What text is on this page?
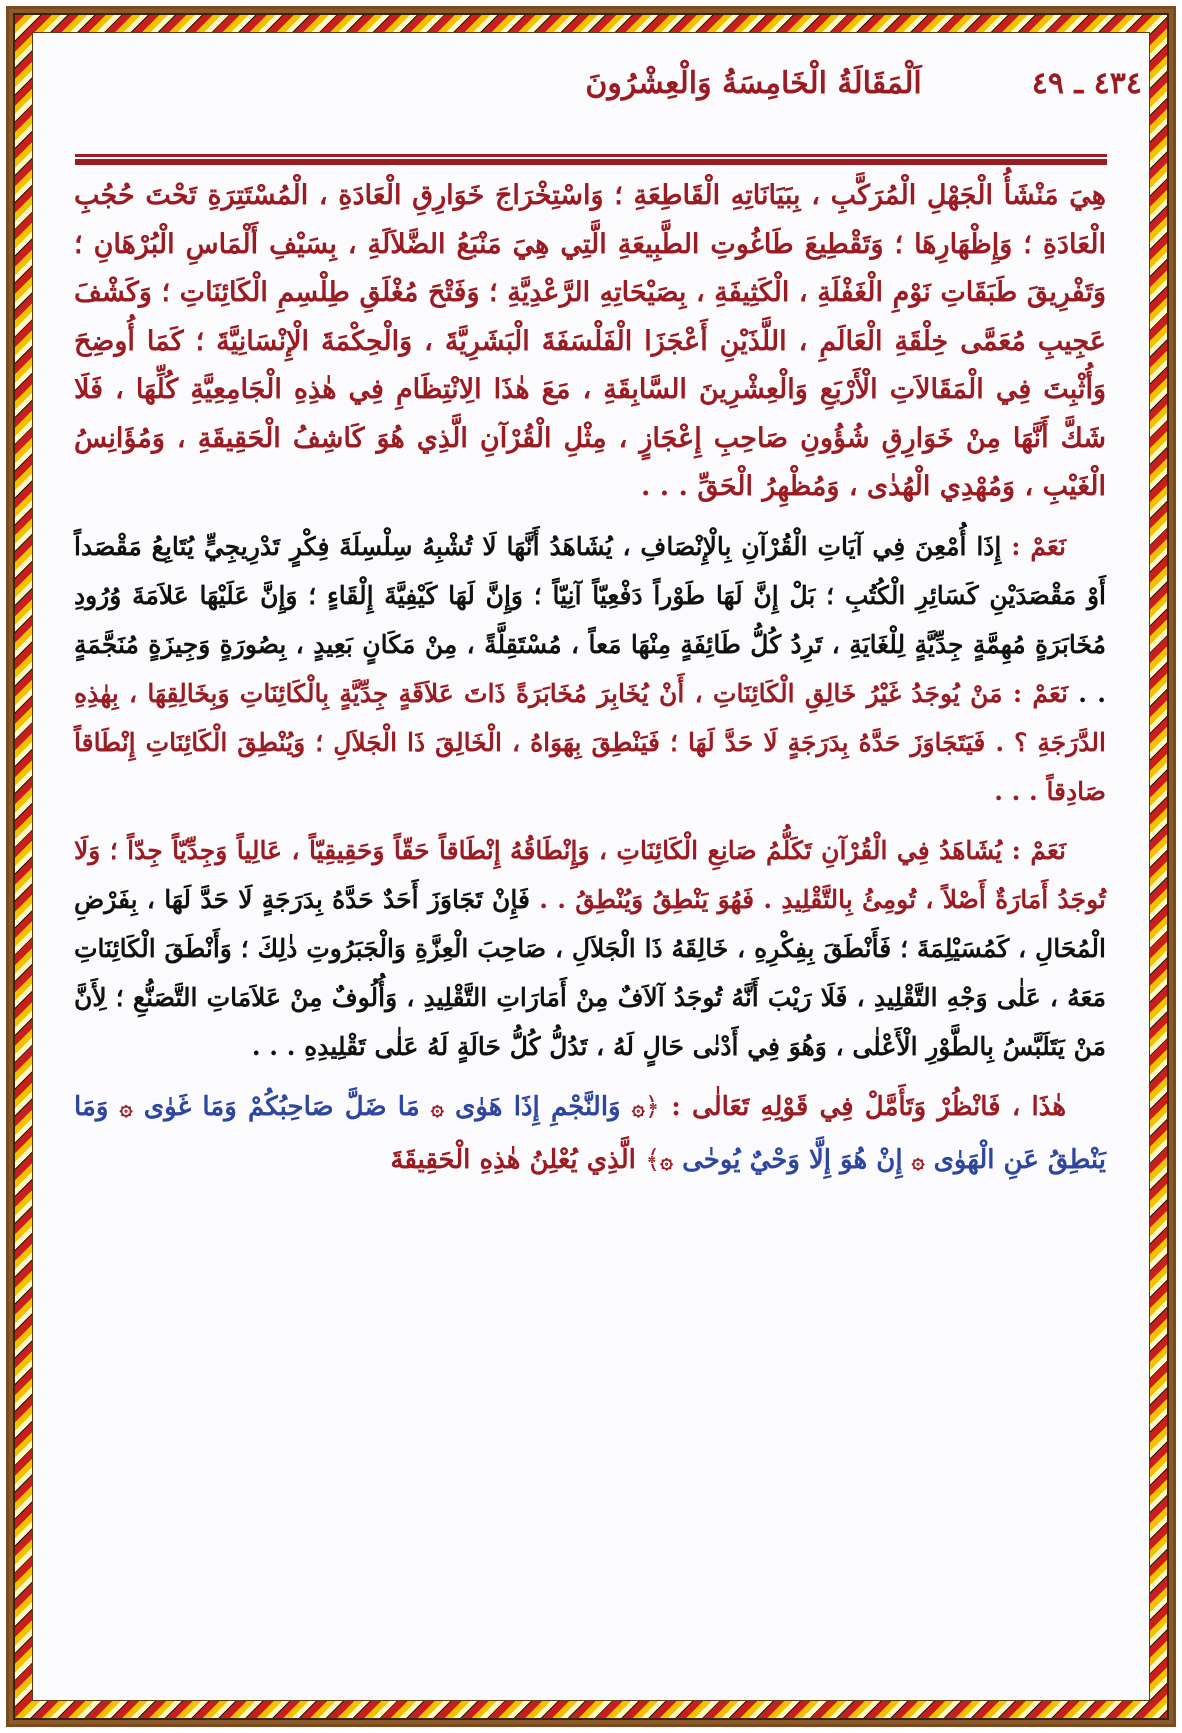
٤٣٤ ـ ٤٩
اَلْمَقَالَةُ الْخَامِسَةُ وَالْعِشْرُونَ

هِيَ مَنْشَأُ الْجَهْلِ الْمُرَكَّبِ ، بِبَيَانَاتِهِ الْقَاطِعَةِ ؛ وَاسْتِخْرَاجَ خَوَارِقِ الْعَادَةِ ، الْمُسْتَتِرَةِ تَحْتَ حُجُبِ الْعَادَةِ ؛ وَإِظْهَارِهَا ؛ وَتَقْطِيعَ طَاغُوتِ الطَّبِيعَةِ الَّتِي هِيَ مَنْبَعُ الضَّلاَلَةِ ، بِسَيْفِ أَلْمَاسِ الْبُرْهَانِ ؛ وَتَفْرِيقَ طَبَقَاتِ نَوْمِ الْغَفْلَةِ ، الْكَثِيفَةِ ، بِصَيْحَاتِهِ الرَّعْدِيَّةِ ؛ وَفَتْحَ مُغْلَقِ طِلْسِمِ الْكَائِنَاتِ ؛ وَكَشْفَ عَجِيبِ مُعَمَّى خِلْقَةِ الْعَالَمِ ، اللَّذَيْنِ أَعْجَزَا الْفَلْسَفَةَ الْبَشَرِيَّةَ ، وَالْحِكْمَةَ الْإِنْسَانِيَّةَ ؛ كَمَا أُوضِحَ وَأُثْبِتَ فِي الْمَقَالاَتِ الْأَرْبَعِ وَالْعِشْرِينَ السَّابِقَةِ ، مَعَ هٰذَا الِانْتِظَامِ فِي هٰذِهِ الْجَامِعِيَّةِ كُلِّهَا ، فَلَا شَكَّ أَنَّهَا مِنْ خَوَارِقِ شُؤُونِ صَاحِبِ إِعْجَازٍ ، مِثْلِ الْقُرْآنِ الَّذِي هُوَ كَاشِفُ الْحَقِيقَةِ ، وَمُؤَانِسُ الْغَيْبِ ، وَمُهْدِي الْهُدٰى ، وَمُظْهِرُ الْحَقِّ . . .

نَعَمْ : إِذَا أُمْعِنَ فِي آيَاتِ الْقُرْآنِ بِالْإِنْصَافِ ، يُشَاهَدُ أَنَّهَا لَا تُشْبِهُ سِلْسِلَةَ فِكْرٍ تَدْرِيجِيٍّ يُتَابِعُ مَقْصَداً أَوْ مَقْصَدَيْنِ كَسَائِرِ الْكُتُبِ ؛ بَلْ إِنَّ لَهَا طَوْراً دَفْعِيّاً آنِيّاً ؛ وَإِنَّ لَهَا كَيْفِيَّةَ إِلْقَاءٍ ؛ وَإِنَّ عَلَيْهَا عَلاَمَةَ وُرُودِ مُخَابَرَةٍ مُهِمَّةٍ جِدِّيَّةٍ لِلْغَايَةِ ، تَرِدُ كُلُّ طَائِفَةٍ مِنْهَا مَعاً ، مُسْتَقِلَّةً ، مِنْ مَكَانٍ بَعِيدٍ ، بِصُورَةٍ وَجِيزَةٍ مُنَجَّمَةٍ . . نَعَمْ : مَنْ يُوجَدُ غَيْرُ خَالِقِ الْكَائِنَاتِ ، أَنْ يُخَابِرَ مُخَابَرَةً ذَاتَ عَلاَقَةٍ جِدِّيَّةٍ بِالْكَائِنَاتِ وَبِخَالِقِهَا ، بِهٰذِهِ الدَّرَجَةِ ؟ . فَيَتَجَاوَزَ حَدَّهُ بِدَرَجَةٍ لَا حَدَّ لَهَا ؛ فَيَنْطِقَ بِهَوَاهُ ، الْخَالِقَ ذَا الْجَلاَلِ ؛ وَيُنْطِقَ الْكَائِنَاتِ إِنْطَاقاً صَادِقاً . . .

نَعَمْ : يُشَاهَدُ فِي الْقُرْآنِ تَكَلُّمُ صَانِعِ الْكَائِنَاتِ ، وَإِنْطَاقُهُ إِنْطَاقاً حَقّاً وَحَقِيقِيّاً ، عَالِياً وَجِدِّيّاً جِدّاً ؛ وَلَا تُوجَدُ أَمَارَةٌ أَصْلاً ، تُومِئُ بِالتَّقْلِيدِ . فَهُوَ يَنْطِقُ وَيُنْطِقُ . . فَإِنْ تَجَاوَزَ أَحَدٌ حَدَّهُ بِدَرَجَةٍ لَا حَدَّ لَهَا ، بِفَرْضِ الْمُحَالِ ، كَمُسَيْلِمَةَ ؛ فَأَنْطَقَ بِفِكْرِهِ ، خَالِقَهُ ذَا الْجَلاَلِ ، صَاحِبَ الْعِزَّةِ وَالْجَبَرُوتِ ذٰلِكَ ؛ وَأَنْطَقَ الْكَائِنَاتِ مَعَهُ ، عَلٰى وَجْهِ التَّقْلِيدِ ، فَلَا رَيْبَ أَنَّهُ تُوجَدُ آلاَفٌ مِنْ أَمَارَاتِ التَّقْلِيدِ ، وَأُلُوفٌ مِنْ عَلاَمَاتِ التَّصَنُّعِ ؛ لِأَنَّ مَنْ يَتَلَبَّسُ بِالطَّوْرِ الْأَعْلٰى ، وَهُوَ فِي أَدْنٰى حَالٍ لَهُ ، تَدُلُّ كُلُّ حَالَةٍ لَهُ عَلٰى تَقْلِيدِهِ . . .

هٰذَا ، فَانْظُرْ وَتَأَمَّلْ فِي قَوْلِهِ تَعَالٰى : ﴿۞ وَالنَّجْمِ إِذَا هَوٰى ۞ مَا ضَلَّ صَاحِبُكُمْ وَمَا غَوٰى ۞ وَمَا يَنْطِقُ عَنِ الْهَوٰى ۞ إِنْ هُوَ إِلَّا وَحْيٌ يُوحٰى ۞﴾ الَّذِي يُعْلِنُ هٰذِهِ الْحَقِيقَةَ
